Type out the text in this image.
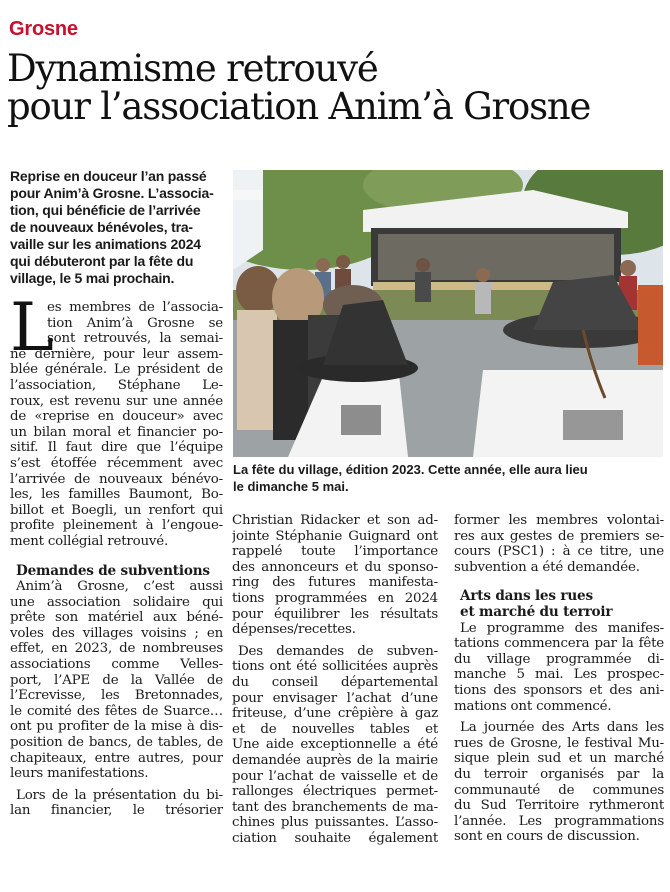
Grosne
Dynamisme retrouvé
pour l’association Anim’à Grosne
Reprise en douceur l’an passé
pour Anim’à Grosne. L’associa-
tion, qui bénéficie de l’arrivée
de nouveaux bénévoles, tra-
vaille sur les animations 2024
qui débuteront par la fête du
village, le 5 mai prochain.
La fête du village, édition 2023. Cette année, elle aura lieu
le dimanche 5 mai.
L
es membres de l’associa-
tion Anim’à Grosne se
sont retrouvés, la semai-
ne dernière, pour leur assem-
blée générale. Le président de
l’association, Stéphane Le-
roux, est revenu sur une année
de «reprise en douceur» avec
un bilan moral et financier po-
sitif. Il faut dire que l’équipe
s’est étoffée récemment avec
l’arrivée de nouveaux bénévo-
les, les familles Baumont, Bo-
billot et Boegli, un renfort qui
profite pleinement à l’engoue-
ment collégial retrouvé.
Demandes de subventions
Anim’à Grosne, c’est aussi
une association solidaire qui
prête son matériel aux béné-
voles des villages voisins ; en
effet, en 2023, de nombreuses
associations comme Velles-
port, l’APE de la Vallée de
l’Écrevisse, les Bretonnades,
le comité des fêtes de Suarce…
ont pu profiter de la mise à dis-
position de bancs, de tables, de
chapiteaux, entre autres, pour
leurs manifestations.
Lors de la présentation du bi-
lan financier, le trésorier
Christian Ridacker et son ad-
jointe Stéphanie Guignard ont
rappelé toute l’importance
des annonceurs et du sponso-
ring des futures manifesta-
tions programmées en 2024
pour équilibrer les résultats
dépenses/recettes.
Des demandes de subven-
tions ont été sollicitées auprès
du conseil départemental
pour envisager l’achat d’une
friteuse, d’une crêpière à gaz
et de nouvelles tables et
Une aide exceptionnelle a été
demandée auprès de la mairie
pour l’achat de vaisselle et de
rallonges électriques permet-
tant des branchements de ma-
chines plus puissantes. L’asso-
ciation souhaite également
former les membres volontai-
res aux gestes de premiers se-
cours (PSC1) : à ce titre, une
subvention a été demandée.
Arts dans les rues
et marché du terroir
Le programme des manifes-
tations commencera par la fête
du village programmée di-
manche 5 mai. Les prospec-
tions des sponsors et des ani-
mations ont commencé.
La journée des Arts dans les
rues de Grosne, le festival Mu-
sique plein sud et un marché
du terroir organisés par la
communauté de communes
du Sud Territoire rythmeront
l’année. Les programmations
sont en cours de discussion.
